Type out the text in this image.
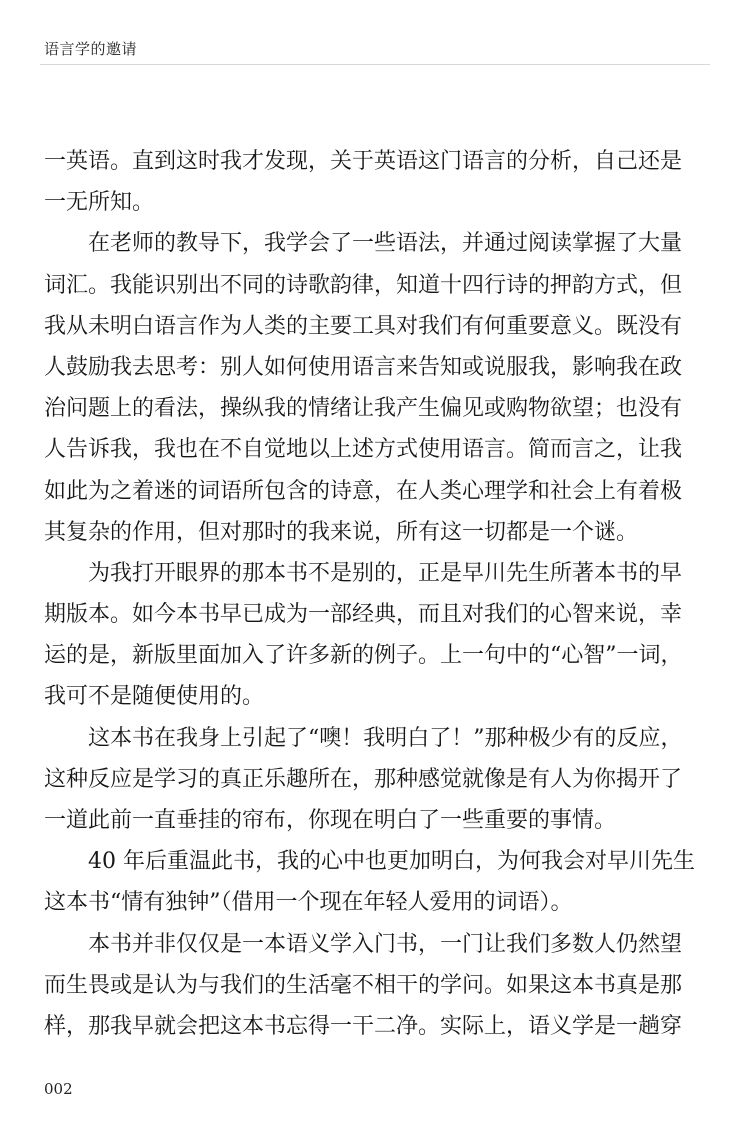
语言学的邀请
一英语。直到这时我才发现，关于英语这门语言的分析，自己还是
一无所知。
　　在老师的教导下，我学会了一些语法，并通过阅读掌握了大量
词汇。我能识别出不同的诗歌韵律，知道十四行诗的押韵方式，但
我从未明白语言作为人类的主要工具对我们有何重要意义。既没有
人鼓励我去思考：别人如何使用语言来告知或说服我，影响我在政
治问题上的看法，操纵我的情绪让我产生偏见或购物欲望；也没有
人告诉我，我也在不自觉地以上述方式使用语言。简而言之，让我
如此为之着迷的词语所包含的诗意，在人类心理学和社会上有着极
其复杂的作用，但对那时的我来说，所有这一切都是一个谜。
　　为我打开眼界的那本书不是别的，正是早川先生所著本书的早
期版本。如今本书早已成为一部经典，而且对我们的心智来说，幸
运的是，新版里面加入了许多新的例子。上一句中的“心智”一词，
我可不是随便使用的。
　　这本书在我身上引起了“噢！我明白了！”那种极少有的反应，
这种反应是学习的真正乐趣所在，那种感觉就像是有人为你揭开了
一道此前一直垂挂的帘布，你现在明白了一些重要的事情。
　　40 年后重温此书，我的心中也更加明白，为何我会对早川先生
这本书“情有独钟”（借用一个现在年轻人爱用的词语）。
　　本书并非仅仅是一本语义学入门书，一门让我们多数人仍然望
而生畏或是认为与我们的生活毫不相干的学问。如果这本书真是那
样，那我早就会把这本书忘得一干二净。实际上，语义学是一趟穿
002
